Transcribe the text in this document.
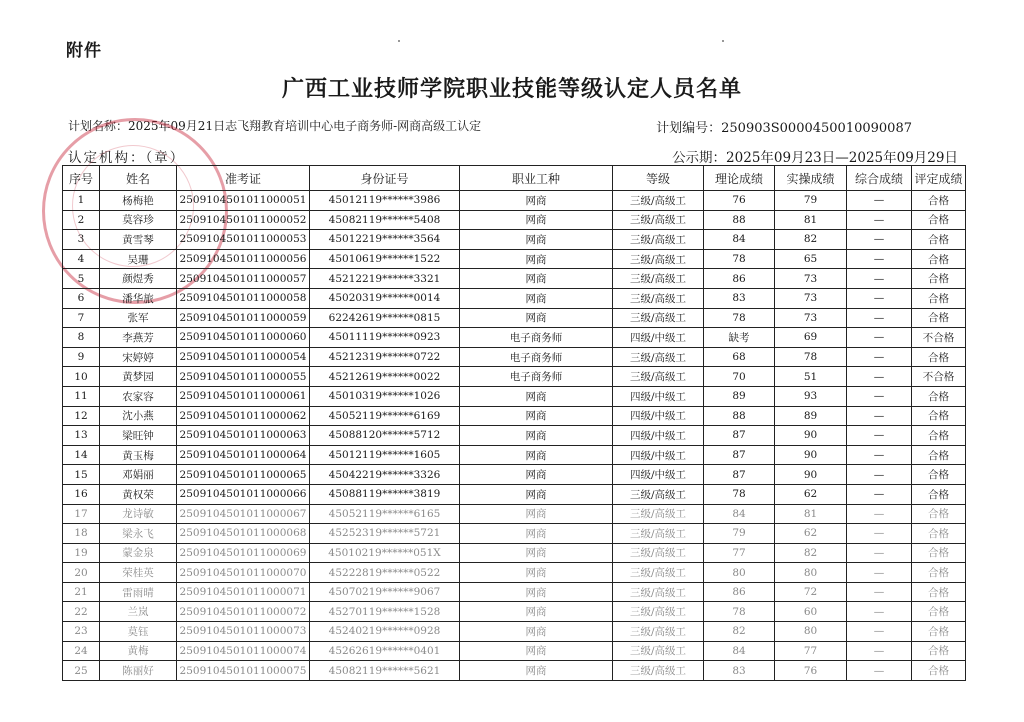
附件
广西工业技师学院职业技能等级认定人员名单
计划名称：2025年09月21日志飞翔教育培训中心电子商务师-网商高级工认定	计划编号：250903S0000450010090087
认定机构：（章）	公示期：2025年09月23日—2025年09月29日
序号	姓名	准考证	身份证号	职业工种	等级	理论成绩	实操成绩	综合成绩	评定成绩
1	杨梅艳	2509104501011000051	45012119******3986	网商	三级/高级工	76	79	—	合格
2	莫容珍	2509104501011000052	45082119******5408	网商	三级/高级工	88	81	—	合格
3	黄雪琴	2509104501011000053	45012219******3564	网商	三级/高级工	84	82	—	合格
4	吴珊	2509104501011000056	45010619******1522	网商	三级/高级工	78	65	—	合格
5	颜煜秀	2509104501011000057	45212219******3321	网商	三级/高级工	86	73	—	合格
6	潘华旅	2509104501011000058	45020319******0014	网商	三级/高级工	83	73	—	合格
7	张军	2509104501011000059	62242619******0815	网商	三级/高级工	78	73	—	合格
8	李燕芳	2509104501011000060	45011119******0923	电子商务师	四级/中级工	缺考	69	—	不合格
9	宋婷婷	2509104501011000054	45212319******0722	电子商务师	三级/高级工	68	78	—	合格
10	黄梦园	2509104501011000055	45212619******0022	电子商务师	三级/高级工	70	51	—	不合格
11	农家容	2509104501011000061	45010319******1026	网商	四级/中级工	89	93	—	合格
12	沈小燕	2509104501011000062	45052119******6169	网商	四级/中级工	88	89	—	合格
13	梁旺钟	2509104501011000063	45088120******5712	网商	四级/中级工	87	90	—	合格
14	黄玉梅	2509104501011000064	45012119******1605	网商	四级/中级工	87	90	—	合格
15	邓娟丽	2509104501011000065	45042219******3326	网商	四级/中级工	87	90	—	合格
16	黄权荣	2509104501011000066	45088119******3819	网商	三级/高级工	78	62	—	合格
17	龙诗敏	2509104501011000067	45052119******6165	网商	三级/高级工	84	81	—	合格
18	梁永飞	2509104501011000068	45252319******5721	网商	三级/高级工	79	62	—	合格
19	蒙金泉	2509104501011000069	45010219******051X	网商	三级/高级工	77	82	—	合格
20	荣桂英	2509104501011000070	45222819******0522	网商	三级/高级工	80	80	—	合格
21	雷雨晴	2509104501011000071	45070219******9067	网商	三级/高级工	86	72	—	合格
22	兰岚	2509104501011000072	45270119******1528	网商	三级/高级工	78	60	—	合格
23	莫钰	2509104501011000073	45240219******0928	网商	三级/高级工	82	80	—	合格
24	黄梅	2509104501011000074	45262619******0401	网商	三级/高级工	84	77	—	合格
25	陈丽好	2509104501011000075	45082119******5621	网商	三级/高级工	83	76	—	合格
